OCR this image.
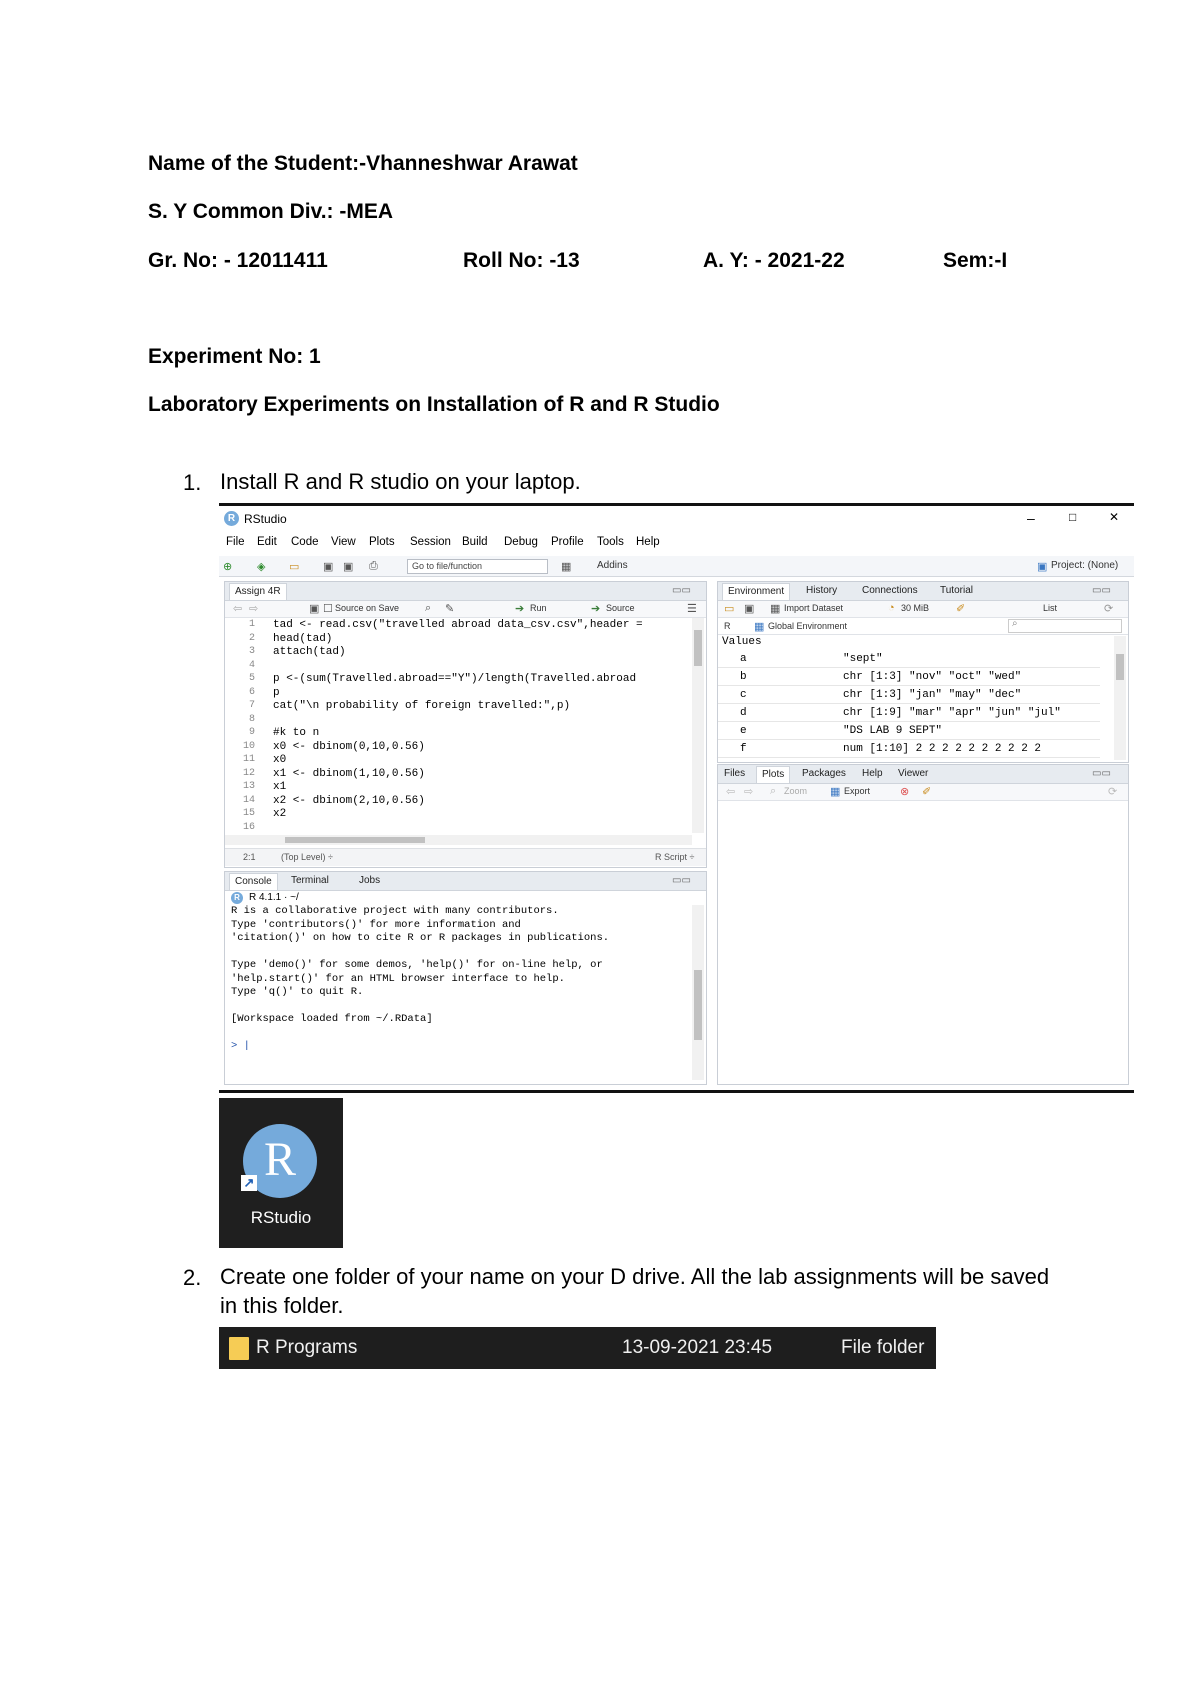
Name of the Student:-Vhanneshwar Arawat
S. Y Common Div.: -MEA
Gr. No: - 12011411	Roll No: -13	A. Y: - 2021-22	Sem:-I
Experiment No: 1
Laboratory Experiments on Installation of R and R Studio
1. Install R and R studio on your laptop.
R RStudio	–	□	✕
File Edit Code View Plots Session Build Debug Profile Tools Help
⊕ ◈ ▭ ▣ ▣ ⎙	Go to file/function	▦	Addins	▣ Project: (None)
Assign 4R	▭▭
⇦ ⇨	▣ ☐ Source on Save ⌕ ✎	➔ Run	➔ Source	☰
1 tad <- read.csv("travelled abroad data_csv.csv",header =
2 head(tad)
3 attach(tad)
4
5 p <-(sum(Travelled.abroad=="Y")/length(Travelled.abroad
6 p
7 cat("\n probability of foreign travelled:",p)
8
9 #k to n
10 x0 <- dbinom(0,10,0.56)
11 x0
12 x1 <- dbinom(1,10,0.56)
13 x1
14 x2 <- dbinom(2,10,0.56)
15 x2
16
2:1	(Top Level) ÷	R Script ÷
Console	Terminal	Jobs	▭▭
R R 4.1.1 · ~/
R is a collaborative project with many contributors.
Type 'contributors()' for more information and
'citation()' on how to cite R or R packages in publications.
Type 'demo()' for some demos, 'help()' for on-line help, or
'help.start()' for an HTML browser interface to help.
Type 'q()' to quit R.
[Workspace loaded from ~/.RData]
> |
Environment	History Connections Tutorial	▭▭
▭ ▣ ▦ Import Dataset	◔ 30 MiB ✐	List	⟳
R ▦ Global Environment	⌕
Values
a	"sept"
b	chr [1:3] "nov" "oct" "wed"
c	chr [1:3] "jan" "may" "dec"
d	chr [1:9] "mar" "apr" "jun" "jul"
e	"DS LAB 9 SEPT"
f	num [1:10] 2 2 2 2 2 2 2 2 2 2
Files	Plots	Packages Help Viewer	▭▭
⇦ ⇨ ⌕ Zoom ▦ Export	⊗ ✐	⟳
R
↗
RStudio
2. Create one folder of your name on your D drive. All the lab assignments will be saved
in this folder.
R Programs	13-09-2021 23:45	File folder
